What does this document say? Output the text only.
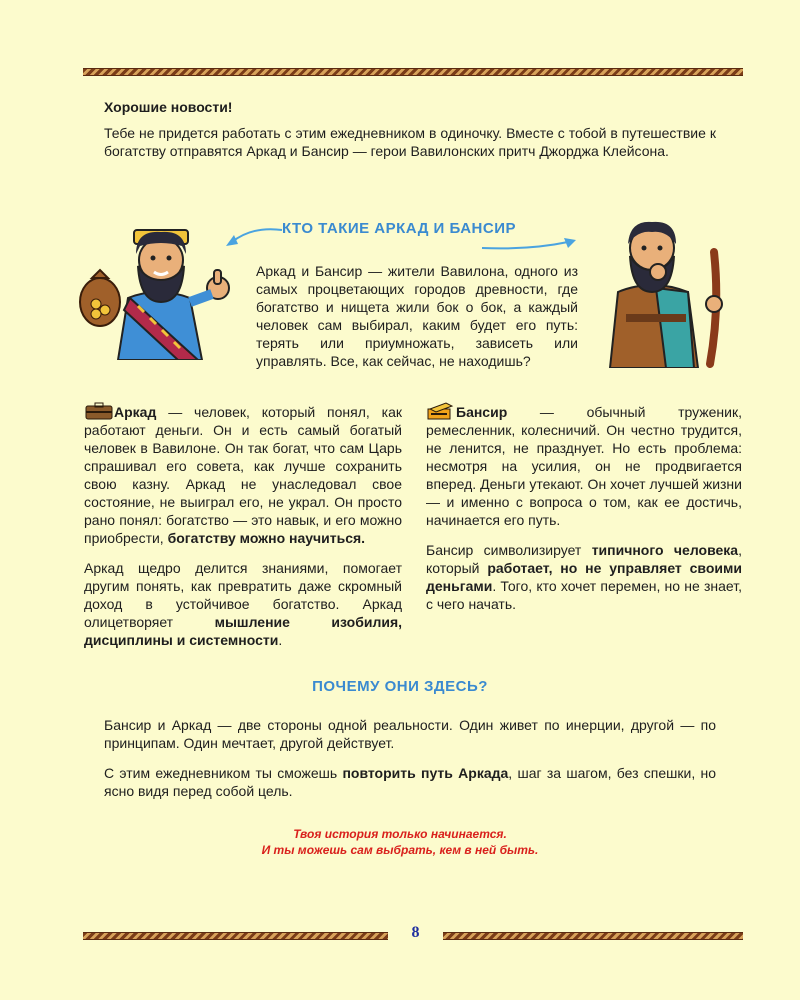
Хорошие новости!

Тебе не придется работать с этим ежедневником в одиночку. Вместе с тобой в путешествие к богатству отправятся Аркад и Бансир — герои Вавилонских притч Джорджа Клейсона.

КТО ТАКИЕ АРКАД И БАНСИР

Аркад и Бансир — жители Вавилона, одного из самых процветающих городов древности, где богатство и нищета жили бок о бок, а каждый человек сам выбирал, каким будет его путь: терять или приумножать, зависеть или управлять. Все, как сейчас, не находишь?

Аркад — человек, который понял, как работают деньги. Он и есть самый богатый человек в Вавилоне. Он так богат, что сам Царь спрашивал его совета, как лучше сохранить свою казну. Аркад не унаследовал свое состояние, не выиграл его, не украл. Он просто рано понял: богатство — это навык, и его можно приобрести, богатству можно научиться.

Аркад щедро делится знаниями, помогает другим понять, как превратить даже скромный доход в устойчивое богатство. Аркад олицетворяет мышление изобилия, дисциплины и системности.

Бансир — обычный труженик, ремесленник, колесничий. Он честно трудится, не ленится, не празднует. Но есть проблема: несмотря на усилия, он не продвигается вперед. Деньги утекают. Он хочет лучшей жизни — и именно с вопроса о том, как ее достичь, начинается его путь.

Бансир символизирует типичного человека, который работает, но не управляет своими деньгами. Того, кто хочет перемен, но не знает, с чего начать.

ПОЧЕМУ ОНИ ЗДЕСЬ?

Бансир и Аркад — две стороны одной реальности. Один живет по инерции, другой — по принципам. Один мечтает, другой действует.

С этим ежедневником ты сможешь повторить путь Аркада, шаг за шагом, без спешки, но ясно видя перед собой цель.

Твоя история только начинается.
И ты можешь сам выбрать, кем в ней быть.
8
